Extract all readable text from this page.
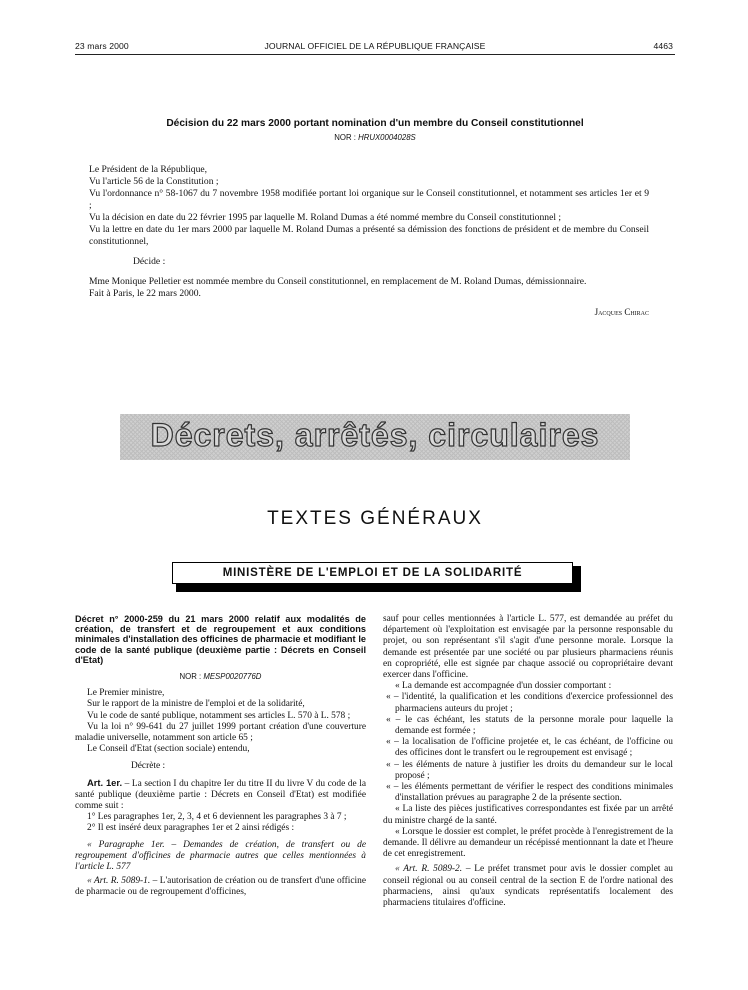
23 mars 2000	JOURNAL OFFICIEL DE LA RÉPUBLIQUE FRANÇAISE	4463
Décision du 22 mars 2000 portant nomination d'un membre du Conseil constitutionnel
NOR : HRUX0004028S

Le Président de la République,

Vu l'article 56 de la Constitution ;

Vu l'ordonnance n° 58-1067 du 7 novembre 1958 modifiée portant loi organique sur le Conseil constitutionnel, et notamment ses articles 1er et 9 ;

Vu la décision en date du 22 février 1995 par laquelle M. Roland Dumas a été nommé membre du Conseil constitutionnel ;

Vu la lettre en date du 1er mars 2000 par laquelle M. Roland Dumas a présenté sa démission des fonctions de président et de membre du Conseil constitutionnel,

Décide :

Mme Monique Pelletier est nommée membre du Conseil constitutionnel, en remplacement de M. Roland Dumas, démissionnaire.

Fait à Paris, le 22 mars 2000.

Jacques Chirac

Décrets, arrêtés, circulaires
TEXTES GÉNÉRAUX
MINISTÈRE DE L'EMPLOI ET DE LA SOLIDARITÉ

Décret n° 2000-259 du 21 mars 2000 relatif aux modalités de création, de transfert et de regroupement et aux conditions minimales d'installation des officines de pharmacie et modifiant le code de la santé publique (deuxième partie : Décrets en Conseil d'Etat)

NOR : MESP0020776D

Le Premier ministre,

Sur le rapport de la ministre de l'emploi et de la solidarité,

Vu le code de santé publique, notamment ses articles L. 570 à L. 578 ;

Vu la loi n° 99-641 du 27 juillet 1999 portant création d'une couverture maladie universelle, notamment son article 65 ;

Le Conseil d'Etat (section sociale) entendu,

Décrète :

Art. 1er. – La section I du chapitre Ier du titre II du livre V du code de la santé publique (deuxième partie : Décrets en Conseil d'Etat) est modifiée comme suit :

1° Les paragraphes 1er, 2, 3, 4 et 6 deviennent les paragraphes 3 à 7 ;

2° Il est inséré deux paragraphes 1er et 2 ainsi rédigés :

« Paragraphe 1er. – Demandes de création, de transfert ou de regroupement d'officines de pharmacie autres que celles mentionnées à l'article L. 577

« Art. R. 5089-1. – L'autorisation de création ou de transfert d'une officine de pharmacie ou de regroupement d'officines,

sauf pour celles mentionnées à l'article L. 577, est demandée au préfet du département où l'exploitation est envisagée par la personne responsable du projet, ou son représentant s'il s'agit d'une personne morale. Lorsque la demande est présentée par une société ou par plusieurs pharmaciens réunis en copropriété, elle est signée par chaque associé ou copropriétaire devant exercer dans l'officine.

« La demande est accompagnée d'un dossier comportant :

« – l'identité, la qualification et les conditions d'exercice professionnel des pharmaciens auteurs du projet ;

« – le cas échéant, les statuts de la personne morale pour laquelle la demande est formée ;

« – la localisation de l'officine projetée et, le cas échéant, de l'officine ou des officines dont le transfert ou le regroupement est envisagé ;

« – les éléments de nature à justifier les droits du demandeur sur le local proposé ;

« – les éléments permettant de vérifier le respect des conditions minimales d'installation prévues au paragraphe 2 de la présente section.

« La liste des pièces justificatives correspondantes est fixée par un arrêté du ministre chargé de la santé.

« Lorsque le dossier est complet, le préfet procède à l'enregistrement de la demande. Il délivre au demandeur un récépissé mentionnant la date et l'heure de cet enregistrement.

« Art. R. 5089-2. – Le préfet transmet pour avis le dossier complet au conseil régional ou au conseil central de la section E de l'ordre national des pharmaciens, ainsi qu'aux syndicats représentatifs localement des pharmaciens titulaires d'officine.
